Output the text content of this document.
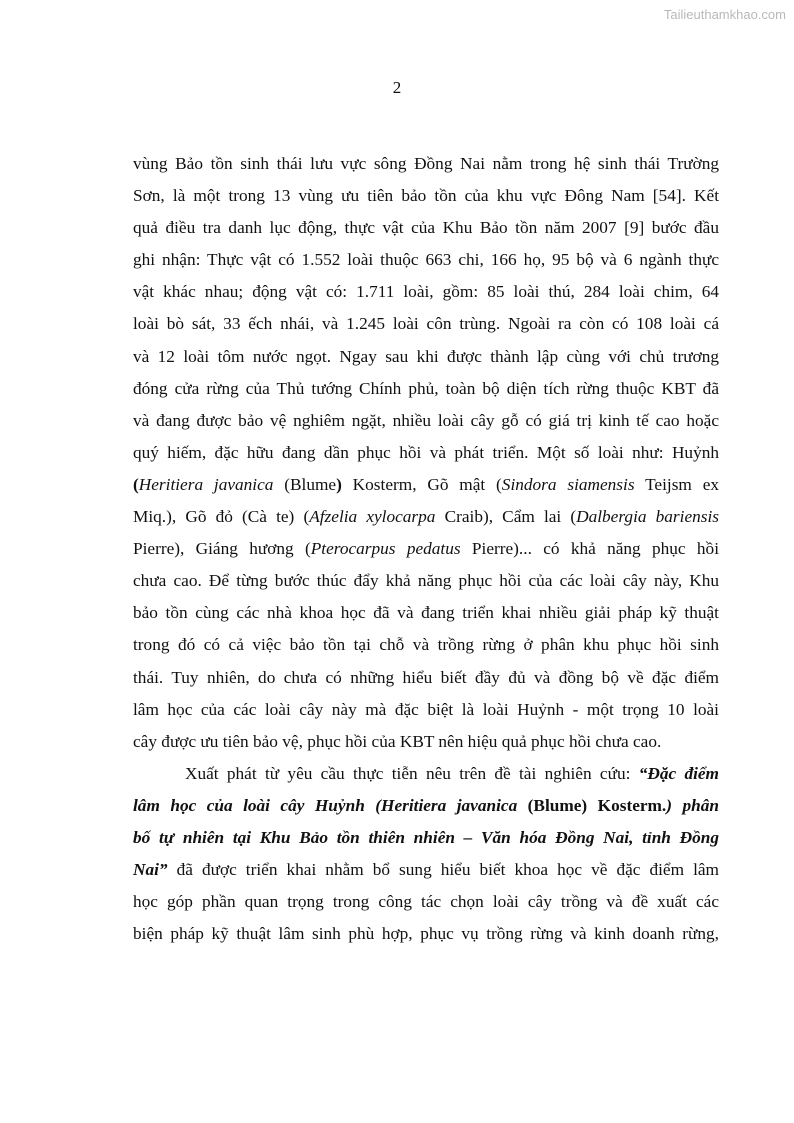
Tailieuthamkhao.com
2

vùng Bảo tồn sinh thái lưu vực sông Đồng Nai nằm trong hệ sinh thái Trường

Sơn, là một trong 13 vùng ưu tiên bảo tồn của khu vực Đông Nam [54]. Kết

quả điều tra danh lục động, thực vật của Khu Bảo tồn năm 2007 [9] bước đầu

ghi nhận: Thực vật có 1.552 loài thuộc 663 chi, 166 họ, 95 bộ và 6 ngành thực

vật khác nhau; động vật có: 1.711 loài, gồm: 85 loài thú, 284 loài chim, 64

loài bò sát, 33 ếch nhái, và 1.245 loài côn trùng. Ngoài ra còn có 108 loài cá

và 12 loài tôm nước ngọt. Ngay sau khi được thành lập cùng với chủ trương

đóng cửa rừng của Thủ tướng Chính phủ, toàn bộ diện tích rừng thuộc KBT đã

và đang được bảo vệ nghiêm ngặt, nhiều loài cây gỗ có giá trị kinh tế cao hoặc

quý hiếm, đặc hữu đang dần phục hồi và phát triển. Một số loài như: Huỷnh

(Heritiera javanica (Blume) Kosterm, Gõ mật (Sindora siamensis Teijsm ex

Miq.), Gõ đỏ (Cà te) (Afzelia xylocarpa Craib), Cẩm lai (Dalbergia bariensis

Pierre), Giáng hương (Pterocarpus pedatus Pierre)... có khả năng phục hồi

chưa cao. Để từng bước thúc đẩy khả năng phục hồi của các loài cây này, Khu

bảo tồn cùng các nhà khoa học đã và đang triển khai nhiều giải pháp kỹ thuật

trong đó có cả việc bảo tồn tại chỗ và trồng rừng ở phân khu phục hồi sinh

thái. Tuy nhiên, do chưa có những hiểu biết đầy đủ và đồng bộ về đặc điểm

lâm học của các loài cây này mà đặc biệt là loài Huỷnh - một trọng 10 loài

cây được ưu tiên bảo vệ, phục hồi của KBT nên hiệu quả phục hồi chưa cao.

Xuất phát từ yêu cầu thực tiễn nêu trên đề tài nghiên cứu: “Đặc điểm

lâm học của loài cây Huỷnh (Heritiera javanica (Blume) Kosterm.) phân

bố tự nhiên tại Khu Bảo tồn thiên nhiên – Văn hóa Đồng Nai, tỉnh Đồng

Nai” đã được triển khai nhằm bổ sung hiểu biết khoa học về đặc điểm lâm

học góp phần quan trọng trong công tác chọn loài cây trồng và đề xuất các

biện pháp kỹ thuật lâm sinh phù hợp, phục vụ trồng rừng và kinh doanh rừng,
